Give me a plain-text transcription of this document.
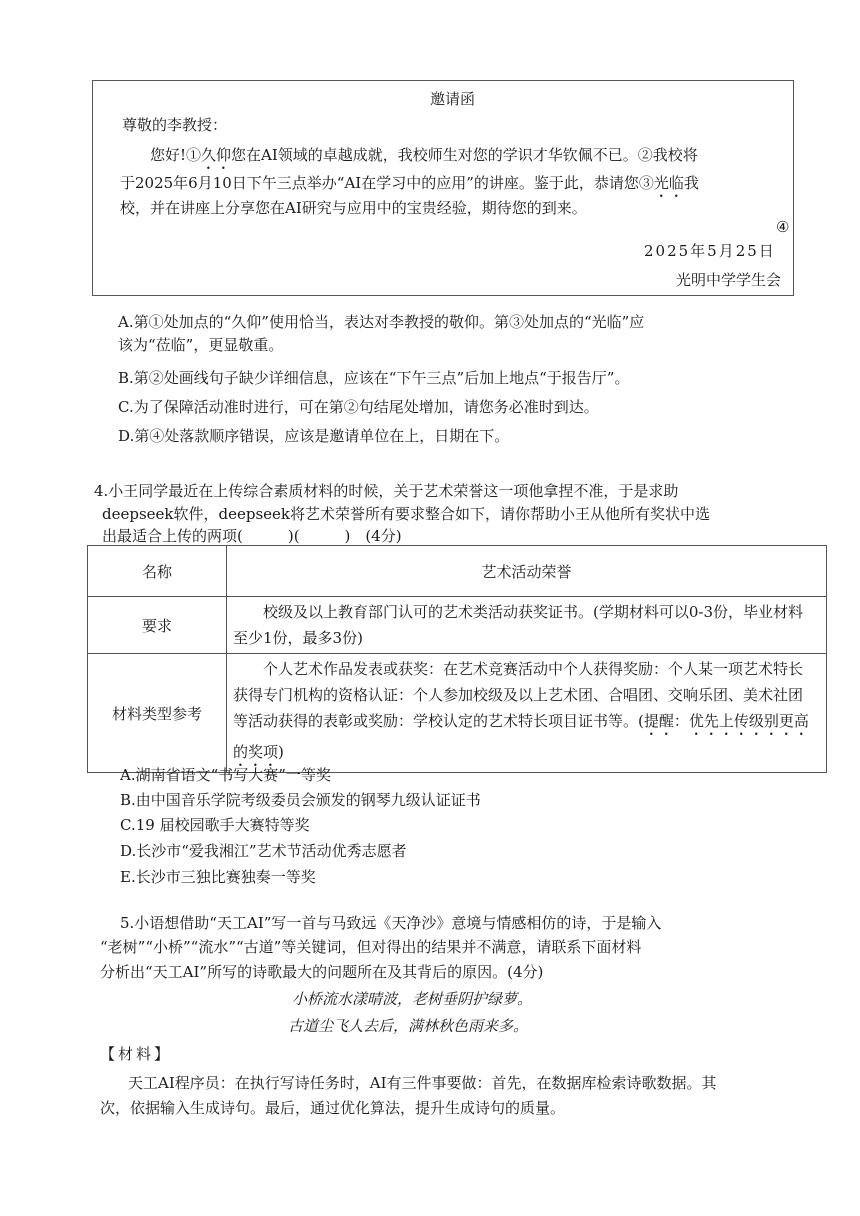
邀请函
尊敬的李教授：
您好!①久仰您在AI领域的卓越成就，我校师生对您的学识才华钦佩不已。②我校将
于2025年6月10日下午三点举办“AI在学习中的应用”的讲座。鉴于此，恭请您③光临我
校，并在讲座上分享您在AI研究与应用中的宝贵经验，期待您的到来。
④
2025年5月25日
光明中学学生会
A.第①处加点的“久仰”使用恰当，表达对李教授的敬仰。第③处加点的“光临”应
该为“莅临”，更显敬重。
B.第②处画线句子缺少详细信息，应该在“下午三点”后加上地点“于报告厅”。
C.为了保障活动准时进行，可在第②句结尾处增加，请您务必准时到达。
D.第④处落款顺序错误，应该是邀请单位在上，日期在下。
4.小王同学最近在上传综合素质材料的时候，关于艺术荣誉这一项他拿捏不准，于是求助
deepseek软件，deepseek将艺术荣誉所有要求整合如下，请你帮助小王从他所有奖状中选
出最适合上传的两项(　　　)(　　　)　(4分)
名称	艺术活动荣誉
要求	校级及以上教育部门认可的艺术类活动获奖证书。(学期材料可以0-3份，毕业材料至少1份，最多3份)
材料类型参考	个人艺术作品发表或获奖：在艺术竞赛活动中个人获得奖励：个人某一项艺术特长获得专门机构的资格认证：个人参加校级及以上艺术团、合唱团、交响乐团、美术社团等活动获得的表彰或奖励：学校认定的艺术特长项目证书等。(提醒：优先上传级别更高的奖项)
A.湖南省语文“书写大赛”一等奖
B.由中国音乐学院考级委员会颁发的钢琴九级认证证书
C.19 届校园歌手大赛特等奖
D.长沙市“爱我湘江”艺术节活动优秀志愿者
E.长沙市三独比赛独奏一等奖
5.小语想借助“天工AI”写一首与马致远《天净沙》意境与情感相仿的诗，于是输入
“老树”“小桥”“流水”“古道”等关键词，但对得出的结果并不满意，请联系下面材料
分析出“天工AI”所写的诗歌最大的问题所在及其背后的原因。(4分)
小桥流水漾晴波，老树垂阴护绿萝。
古道尘飞人去后，满林秋色雨来多。
【材料】
天工AI程序员：在执行写诗任务时，AI有三件事要做：首先，在数据库检索诗歌数据。其
次，依据输入生成诗句。最后，通过优化算法，提升生成诗句的质量。
